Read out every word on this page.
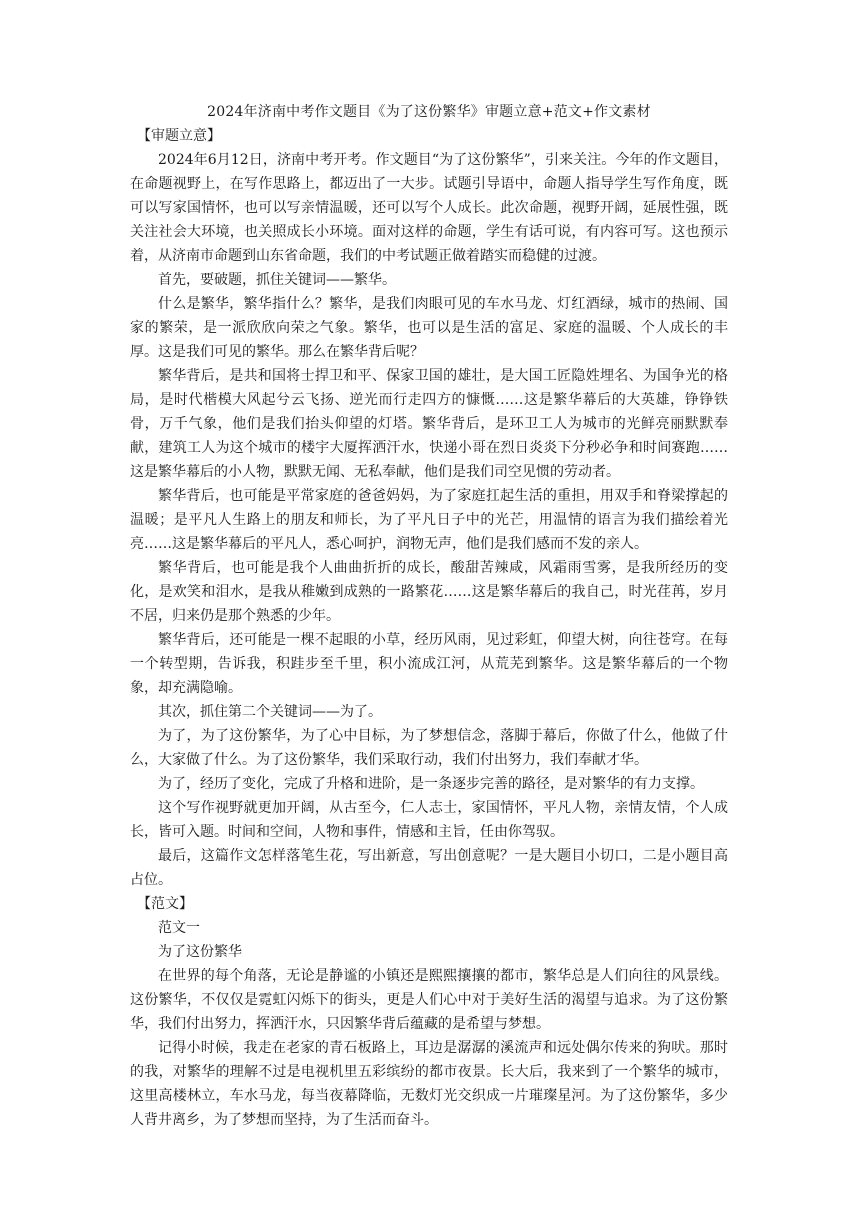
2024年济南中考作文题目《为了这份繁华》审题立意+范文+作文素材

【审题立意】

2024年6月12日，济南中考开考。作文题目“为了这份繁华”，引来关注。今年的作文题目，在命题视野上，在写作思路上，都迈出了一大步。试题引导语中，命题人指导学生写作角度，既可以写家国情怀，也可以写亲情温暖，还可以写个人成长。此次命题，视野开阔，延展性强，既关注社会大环境，也关照成长小环境。面对这样的命题，学生有话可说，有内容可写。这也预示着，从济南市命题到山东省命题，我们的中考试题正做着踏实而稳健的过渡。

首先，要破题，抓住关键词——繁华。

什么是繁华，繁华指什么？繁华，是我们肉眼可见的车水马龙、灯红酒绿，城市的热闹、国家的繁荣，是一派欣欣向荣之气象。繁华，也可以是生活的富足、家庭的温暖、个人成长的丰厚。这是我们可见的繁华。那么在繁华背后呢？

繁华背后，是共和国将士捍卫和平、保家卫国的雄壮，是大国工匠隐姓埋名、为国争光的格局，是时代楷模大风起兮云飞扬、逆光而行走四方的慷慨……这是繁华幕后的大英雄，铮铮铁骨，万千气象，他们是我们抬头仰望的灯塔。繁华背后，是环卫工人为城市的光鲜亮丽默默奉献，建筑工人为这个城市的楼宇大厦挥洒汗水，快递小哥在烈日炎炎下分秒必争和时间赛跑……这是繁华幕后的小人物，默默无闻、无私奉献，他们是我们司空见惯的劳动者。

繁华背后，也可能是平常家庭的爸爸妈妈，为了家庭扛起生活的重担，用双手和脊梁撑起的温暖；是平凡人生路上的朋友和师长，为了平凡日子中的光芒，用温情的语言为我们描绘着光亮……这是繁华幕后的平凡人，悉心呵护，润物无声，他们是我们感而不发的亲人。

繁华背后，也可能是我个人曲曲折折的成长，酸甜苦辣咸，风霜雨雪雾，是我所经历的变化，是欢笑和泪水，是我从稚嫩到成熟的一路繁花……这是繁华幕后的我自己，时光荏苒，岁月不居，归来仍是那个熟悉的少年。

繁华背后，还可能是一棵不起眼的小草，经历风雨，见过彩虹，仰望大树，向往苍穹。在每一个转型期，告诉我，积跬步至千里，积小流成江河，从荒芜到繁华。这是繁华幕后的一个物象，却充满隐喻。

其次，抓住第二个关键词——为了。

为了，为了这份繁华，为了心中目标，为了梦想信念，落脚于幕后，你做了什么，他做了什么，大家做了什么。为了这份繁华，我们采取行动，我们付出努力，我们奉献才华。

为了，经历了变化，完成了升格和进阶，是一条逐步完善的路径，是对繁华的有力支撑。

这个写作视野就更加开阔，从古至今，仁人志士，家国情怀，平凡人物，亲情友情，个人成长，皆可入题。时间和空间，人物和事件，情感和主旨，任由你驾驭。

最后，这篇作文怎样落笔生花，写出新意，写出创意呢？一是大题目小切口，二是小题目高占位。

【范文】

范文一

为了这份繁华

在世界的每个角落，无论是静谧的小镇还是熙熙攘攘的都市，繁华总是人们向往的风景线。这份繁华，不仅仅是霓虹闪烁下的街头，更是人们心中对于美好生活的渴望与追求。为了这份繁华，我们付出努力，挥洒汗水，只因繁华背后蕴藏的是希望与梦想。

记得小时候，我走在老家的青石板路上，耳边是潺潺的溪流声和远处偶尔传来的狗吠。那时的我，对繁华的理解不过是电视机里五彩缤纷的都市夜景。长大后，我来到了一个繁华的城市，这里高楼林立，车水马龙，每当夜幕降临，无数灯光交织成一片璀璨星河。为了这份繁华，多少人背井离乡，为了梦想而坚持，为了生活而奋斗。
